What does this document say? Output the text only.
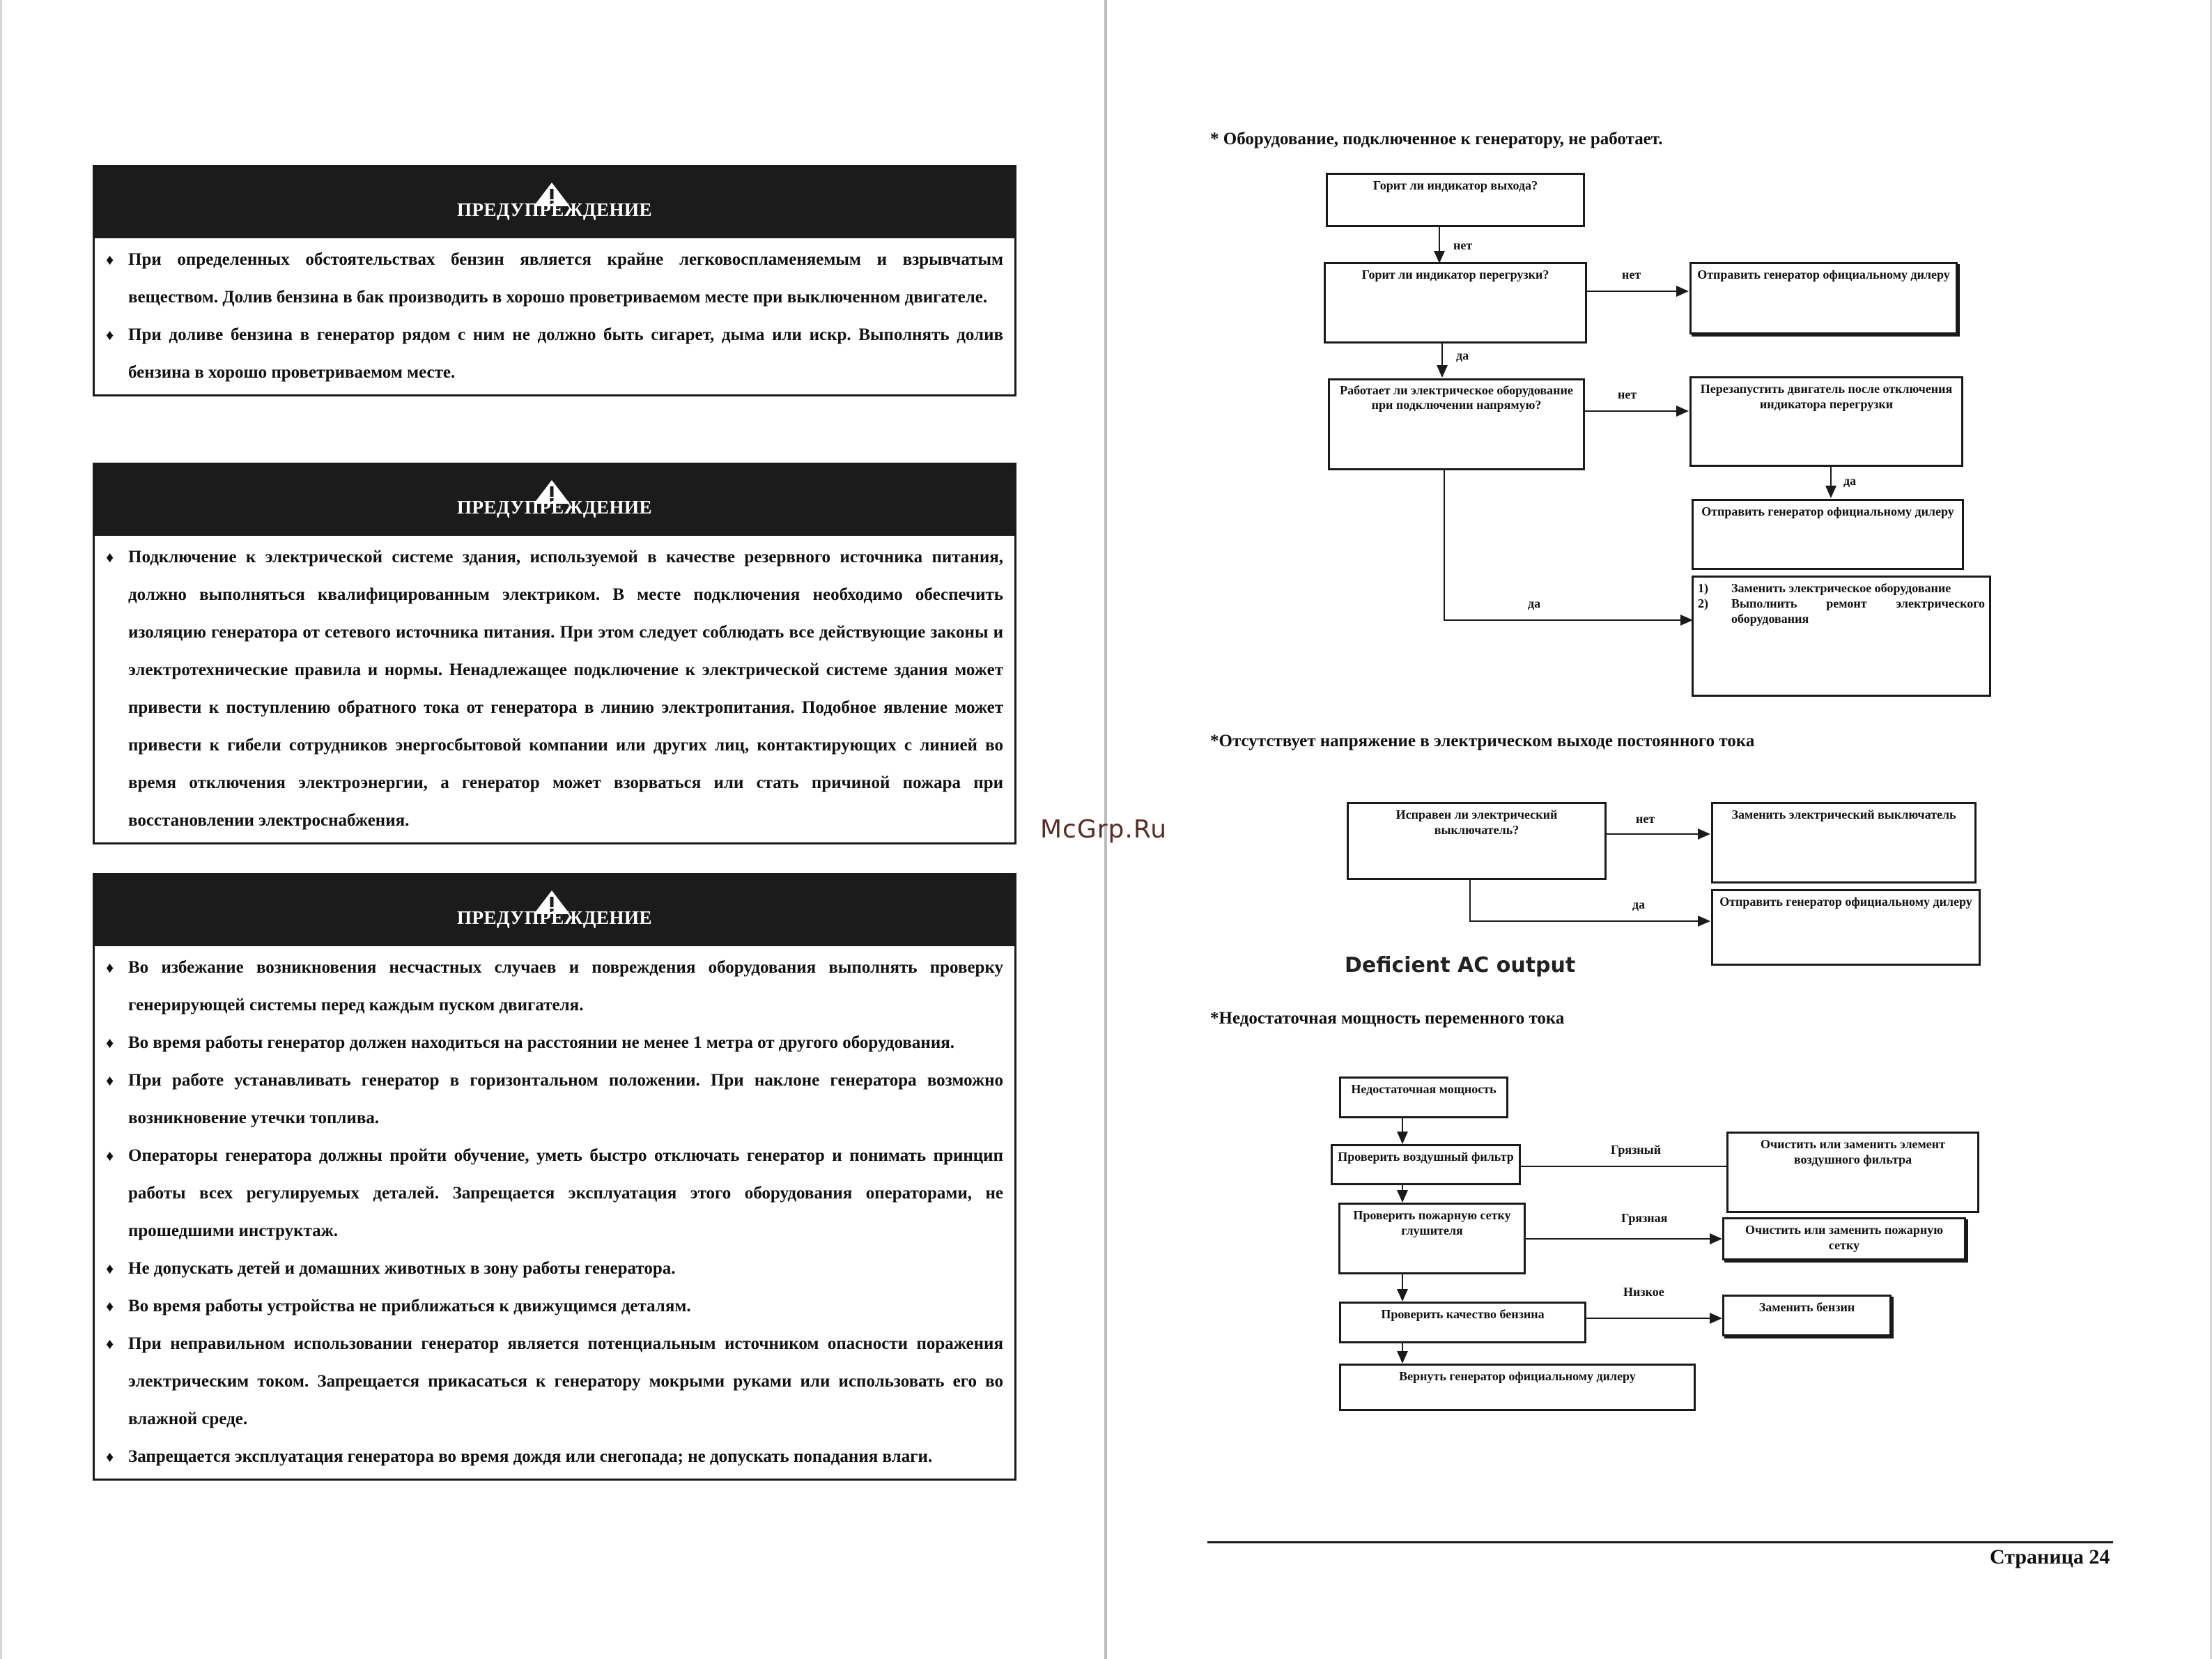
ПРЕДУПРЕЖДЕНИЕ
♦ При определенных обстоятельствах бензин является крайне легковоспламеняемым и взрывчатым веществом. Долив бензина в бак производить в хорошо проветриваемом месте при выключенном двигателе.
♦ При доливе бензина в генератор рядом с ним не должно быть сигарет, дыма или искр. Выполнять долив бензина в хорошо проветриваемом месте.
ПРЕДУПРЕЖДЕНИЕ
♦ Подключение к электрической системе здания, используемой в качестве резервного источника питания, должно выполняться квалифицированным электриком. В месте подключения необходимо обеспечить изоляцию генератора от сетевого источника питания. При этом следует соблюдать все действующие законы и электротехнические правила и нормы. Ненадлежащее подключение к электрической системе здания может привести к поступлению обратного тока от генератора в линию электропитания. Подобное явление может привести к гибели сотрудников энергосбытовой компании или других лиц, контактирующих с линией во время отключения электроэнергии, а генератор может взорваться или стать причиной пожара при восстановлении электроснабжения.
ПРЕДУПРЕЖДЕНИЕ
♦ Во избежание возникновения несчастных случаев и повреждения оборудования выполнять проверку генерирующей системы перед каждым пуском двигателя.
♦ Во время работы генератор должен находиться на расстоянии не менее 1 метра от другого оборудования.
♦ При работе устанавливать генератор в горизонтальном положении. При наклоне генератора возможно возникновение утечки топлива.
♦ Операторы генератора должны пройти обучение, уметь быстро отключать генератор и понимать принцип работы всех регулируемых деталей. Запрещается эксплуатация этого оборудования операторами, не прошедшими инструктаж.
♦ Не допускать детей и домашних животных в зону работы генератора.
♦ Во время работы устройства не приближаться к движущимся деталям.
♦ При неправильном использовании генератор является потенциальным источником опасности поражения электрическим током. Запрещается прикасаться к генератору мокрыми руками или использовать его во влажной среде.
♦ Запрещается эксплуатация генератора во время дождя или снегопада; не допускать попадания влаги.
McGrp.Ru
* Оборудование, подключенное к генератору, не работает.
Горит ли индикатор выхода?
нет
Горит ли индикатор перегрузки?	нет	Отправить генератор официальному дилеру
да
Работает ли электрическое оборудование при подключении напрямую?
нет	Перезапустить двигатель после отключения индикатора перегрузки
да
Отправить генератор официальному дилеру
да
1) Заменить электрическое оборудование
2) Выполнить ремонт электрического оборудования
*Отсутствует напряжение в электрическом выходе постоянного тока
Исправен ли электрический выключатель?
нет	Заменить электрический выключатель
да	Отправить генератор официальному дилеру
Deficient AC output
*Недостаточная мощность переменного тока
Недостаточная мощность
Проверить воздушный фильтр	Грязный	Очистить или заменить элемент воздушного фильтра
Проверить пожарную сетку глушителя
Грязная
Очистить или заменить пожарную сетку
Проверить качество бензина
Низкое
Заменить бензин
Вернуть генератор официальному дилеру
Страница 24
